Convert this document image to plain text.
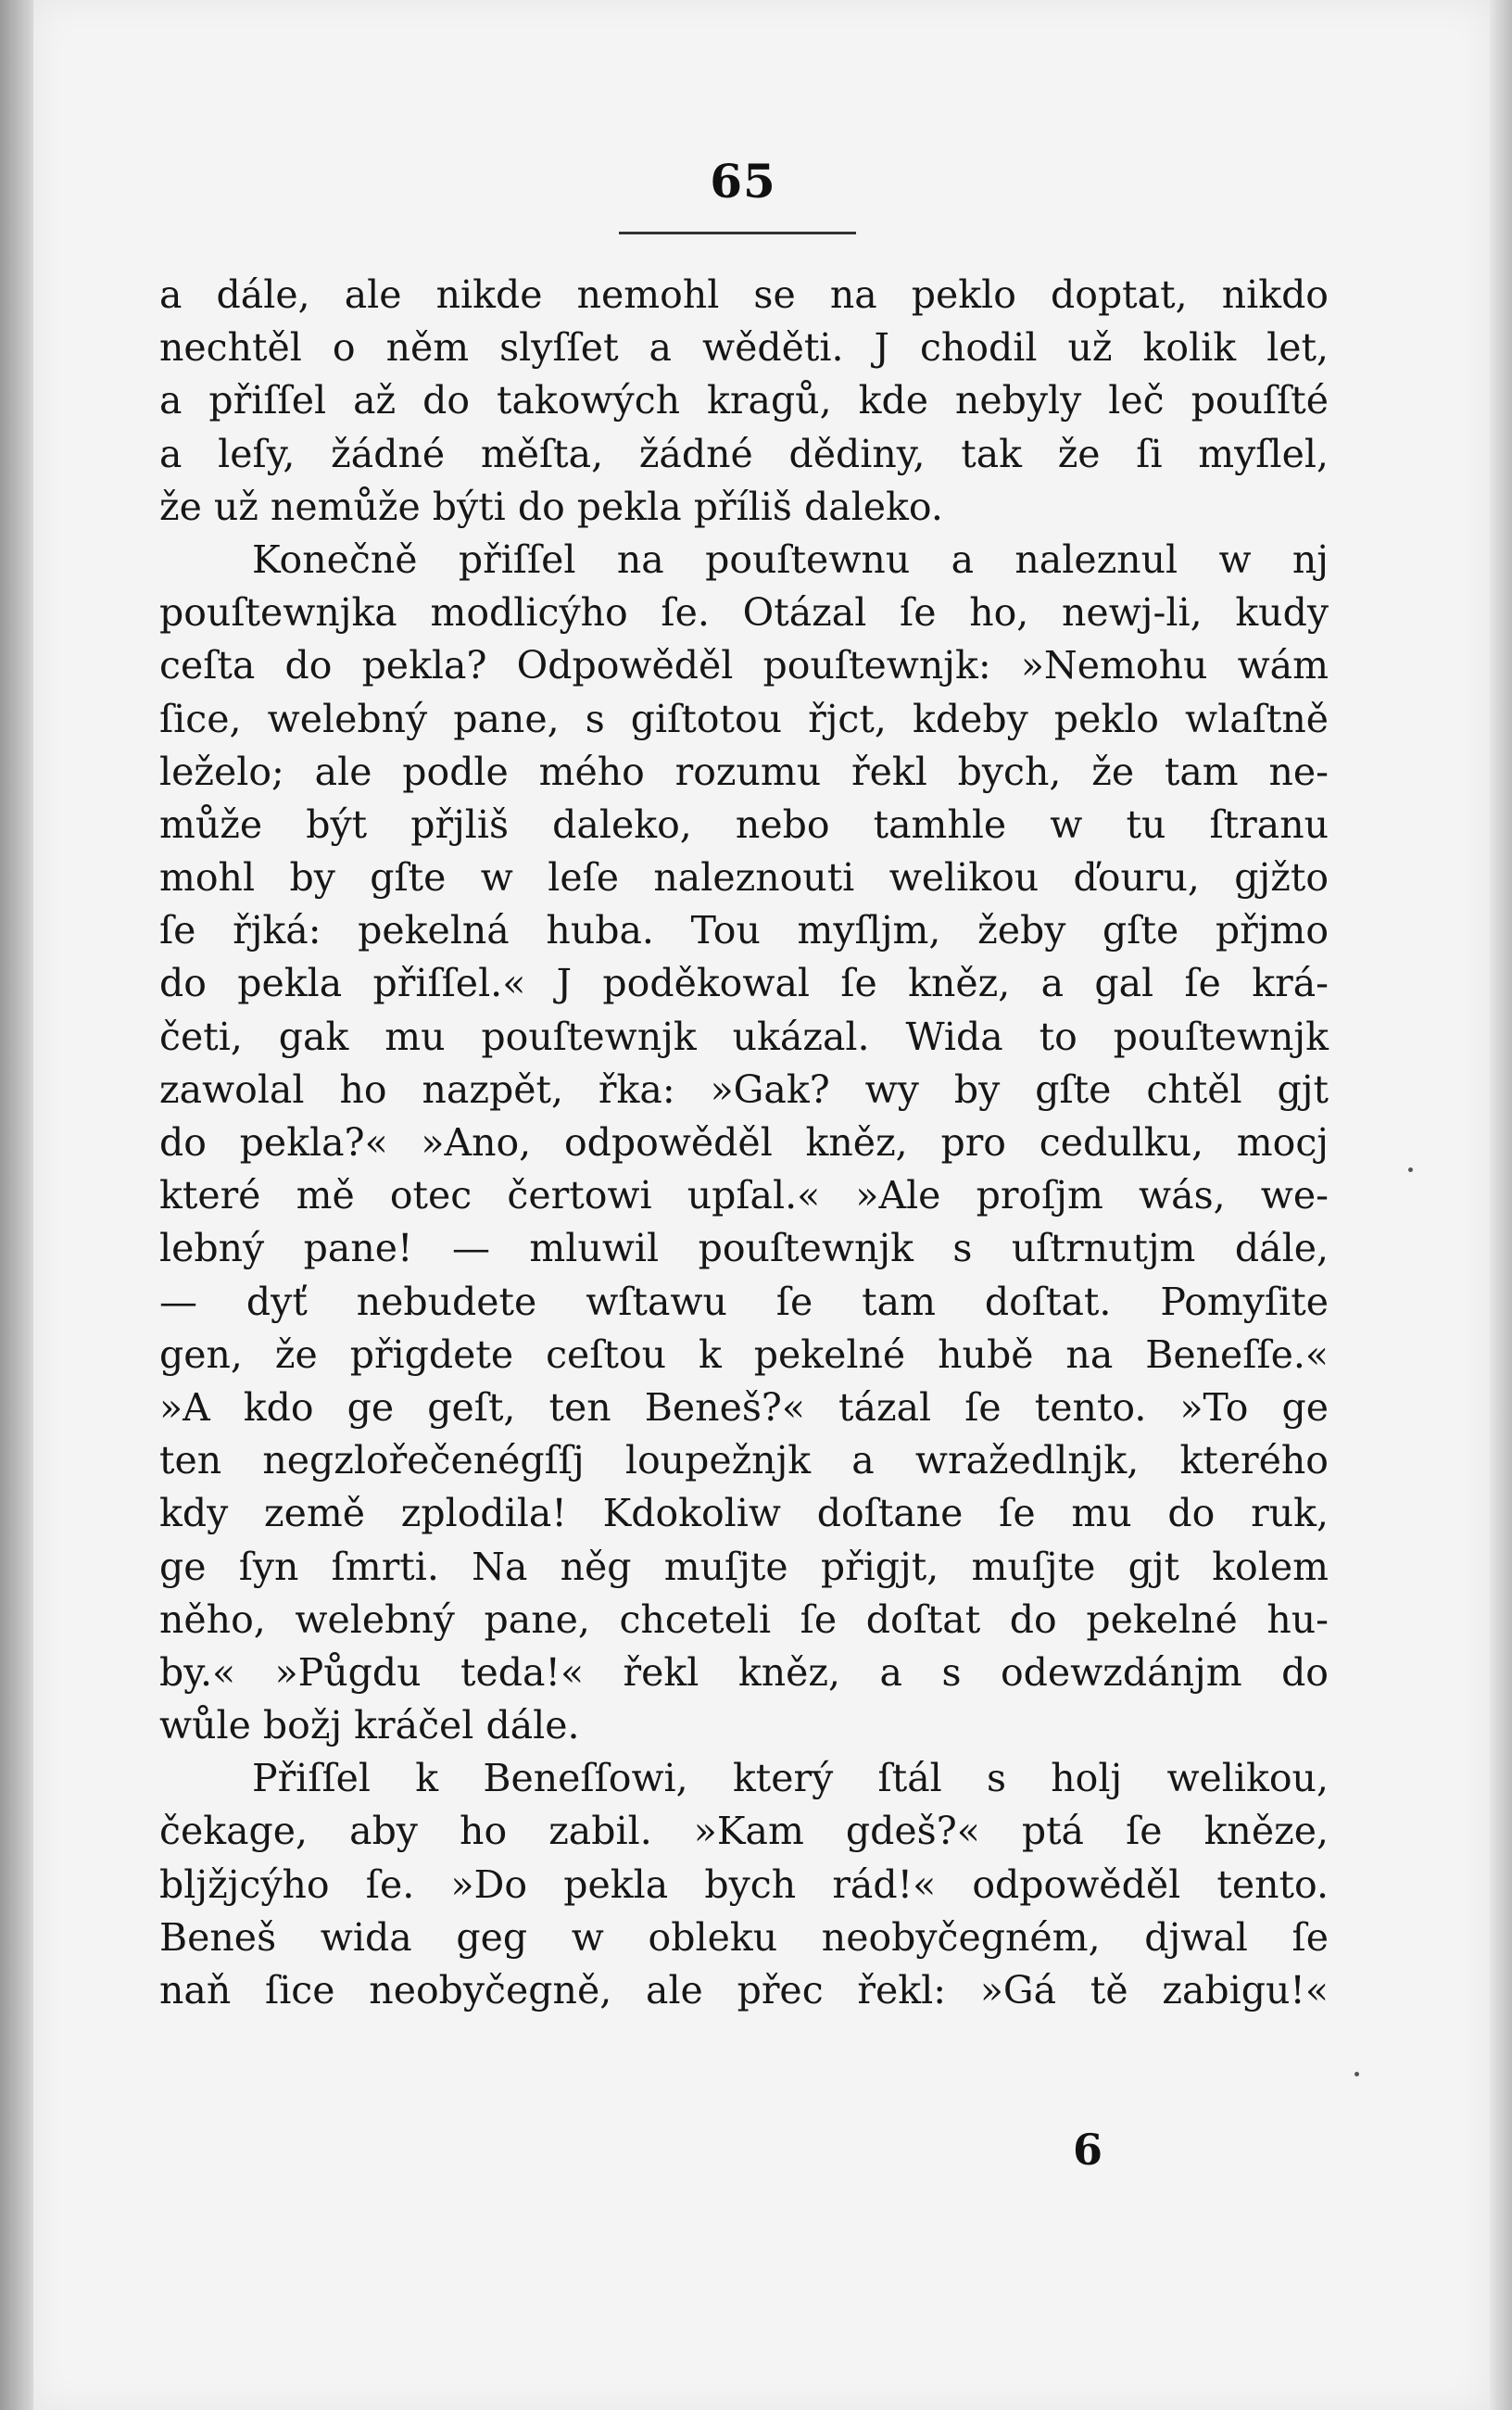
65
a dále, ale nikde nemohl se na peklo doptat, nikdo
nechtěl o něm slyſſet a wěděti. J chodil už kolik let,
a přiſſel až do takowých kragů, kde nebyly leč pouſſté
a leſy, žádné měſta, žádné dědiny, tak že ſi myſlel,
že už nemůže býti do pekla příliš daleko.
Konečně přiſſel na pouſtewnu a naleznul w nj
pouſtewnjka modlicýho ſe. Otázal ſe ho, newj-li, kudy
ceſta do pekla? Odpowěděl pouſtewnjk: »Nemohu wám
ſice, welebný pane, s giſtotou řjct, kdeby peklo wlaſtně
leželo; ale podle mého rozumu řekl bych, že tam ne-
může být přjliš daleko, nebo tamhle w tu ſtranu
mohl by gſte w leſe naleznouti welikou ďouru, gjžto
ſe řjká: pekelná huba. Tou myſljm, žeby gſte přjmo
do pekla přiſſel.« J poděkowal ſe kněz, a gal ſe krá-
četi, gak mu pouſtewnjk ukázal. Wida to pouſtewnjk
zawolal ho nazpět, řka: »Gak? wy by gſte chtěl gjt
do pekla?« »Ano, odpowěděl kněz, pro cedulku, mocj
které mě otec čertowi upſal.« »Ale proſjm wás, we-
lebný pane! — mluwil pouſtewnjk s uſtrnutjm dále,
— dyť nebudete wſtawu ſe tam doſtat. Pomyſite
gen, že přigdete ceſtou k pekelné hubě na Beneſſe.«
»A kdo ge geſt, ten Beneš?« tázal ſe tento. »To ge
ten negzlořečenégſſj loupežnjk a wražedlnjk, kterého
kdy země zplodila! Kdokoliw doſtane ſe mu do ruk,
ge ſyn ſmrti. Na něg muſjte přigjt, muſjte gjt kolem
něho, welebný pane, chceteli ſe doſtat do pekelné hu-
by.« »Půgdu teda!« řekl kněz, a s odewzdánjm do
wůle božj kráčel dále.
Přiſſel k Beneſſowi, který ſtál s holj welikou,
čekage, aby ho zabil. »Kam gdeš?« ptá ſe kněze,
bljžjcýho ſe. »Do pekla bych rád!« odpowěděl tento.
Beneš wida geg w obleku neobyčegném, djwal ſe
naň ſice neobyčegně, ale přec řekl: »Gá tě zabigu!«
6
